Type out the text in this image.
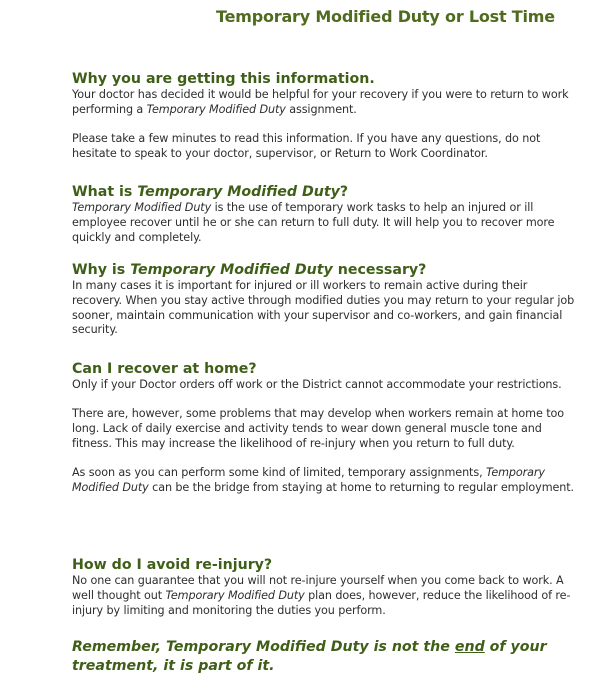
Temporary Modified Duty or Lost Time
Why you are getting this information.

Your doctor has decided it would be helpful for your recovery if you were to return to work performing a Temporary Modified Duty assignment.

Please take a few minutes to read this information. If you have any questions, do not hesitate to speak to your doctor, supervisor, or Return to Work Coordinator.

What is Temporary Modified Duty?

Temporary Modified Duty is the use of temporary work tasks to help an injured or ill employee recover until he or she can return to full duty. It will help you to recover more quickly and completely.

Why is Temporary Modified Duty necessary?

In many cases it is important for injured or ill workers to remain active during their recovery. When you stay active through modified duties you may return to your regular job sooner, maintain communication with your supervisor and co-workers, and gain financial security.

Can I recover at home?

Only if your Doctor orders off work or the District cannot accommodate your restrictions.

There are, however, some problems that may develop when workers remain at home too long. Lack of daily exercise and activity tends to wear down general muscle tone and fitness. This may increase the likelihood of re-injury when you return to full duty.

As soon as you can perform some kind of limited, temporary assignments, Temporary Modified Duty can be the bridge from staying at home to returning to regular employment.

How do I avoid re-injury?

No one can guarantee that you will not re-injure yourself when you come back to work. A well thought out Temporary Modified Duty plan does, however, reduce the likelihood of re-injury by limiting and monitoring the duties you perform.

Remember, Temporary Modified Duty is not the end of your treatment, it is part of it.
